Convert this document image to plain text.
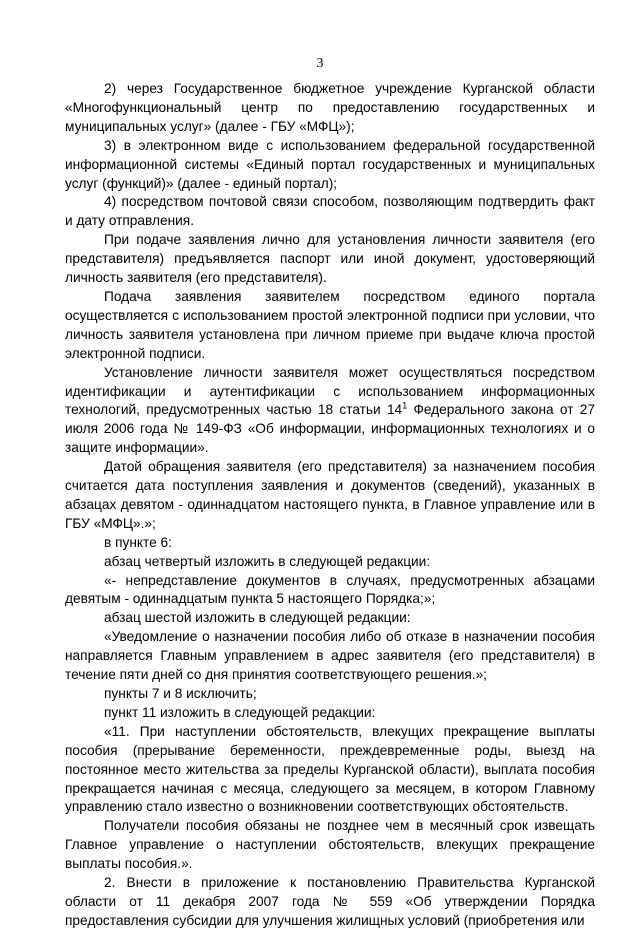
3

2) через Государственное бюджетное учреждение Курганской области «Многофункциональный центр по предоставлению государственных и муниципальных услуг» (далее - ГБУ «МФЦ»);

3) в электронном виде с использованием федеральной государственной информационной системы «Единый портал государственных и муниципальных услуг (функций)» (далее - единый портал);

4) посредством почтовой связи способом, позволяющим подтвердить факт и дату отправления.

При подаче заявления лично для установления личности заявителя (его представителя) предъявляется паспорт или иной документ, удостоверяющий личность заявителя (его представителя).

Подача заявления заявителем посредством единого портала осуществляется с использованием простой электронной подписи при условии, что личность заявителя установлена при личном приеме при выдаче ключа простой электронной подписи.

Установление личности заявителя может осуществляться посредством идентификации и аутентификации с использованием информационных технологий, предусмотренных частью 18 статьи $14^1$ Федерального закона от 27 июля 2006 года № 149-ФЗ «Об информации, информационных технологиях и о защите информации».

Датой обращения заявителя (его представителя) за назначением пособия считается дата поступления заявления и документов (сведений), указанных в абзацах девятом - одиннадцатом настоящего пункта, в Главное управление или в ГБУ «МФЦ».»;

в пункте 6:

абзац четвертый изложить в следующей редакции:

«- непредставление документов в случаях, предусмотренных абзацами девятым - одиннадцатым пункта 5 настоящего Порядка;»;

абзац шестой изложить в следующей редакции:

«Уведомление о назначении пособия либо об отказе в назначении пособия направляется Главным управлением в адрес заявителя (его представителя) в течение пяти дней со дня принятия соответствующего решения.»;

пункты 7 и 8 исключить;

пункт 11 изложить в следующей редакции:

«11. При наступлении обстоятельств, влекущих прекращение выплаты пособия (прерывание беременности, преждевременные роды, выезд на постоянное место жительства за пределы Курганской области), выплата пособия прекращается начиная с месяца, следующего за месяцем, в котором Главному управлению стало известно о возникновении соответствующих обстоятельств.

Получатели пособия обязаны не позднее чем в месячный срок извещать Главное управление о наступлении обстоятельств, влекущих прекращение выплаты пособия.».

2. Внести в приложение к постановлению Правительства Курганской области от 11 декабря 2007 года № 559 «Об утверждении Порядка предоставления субсидии для улучшения жилищных условий (приобретения или
